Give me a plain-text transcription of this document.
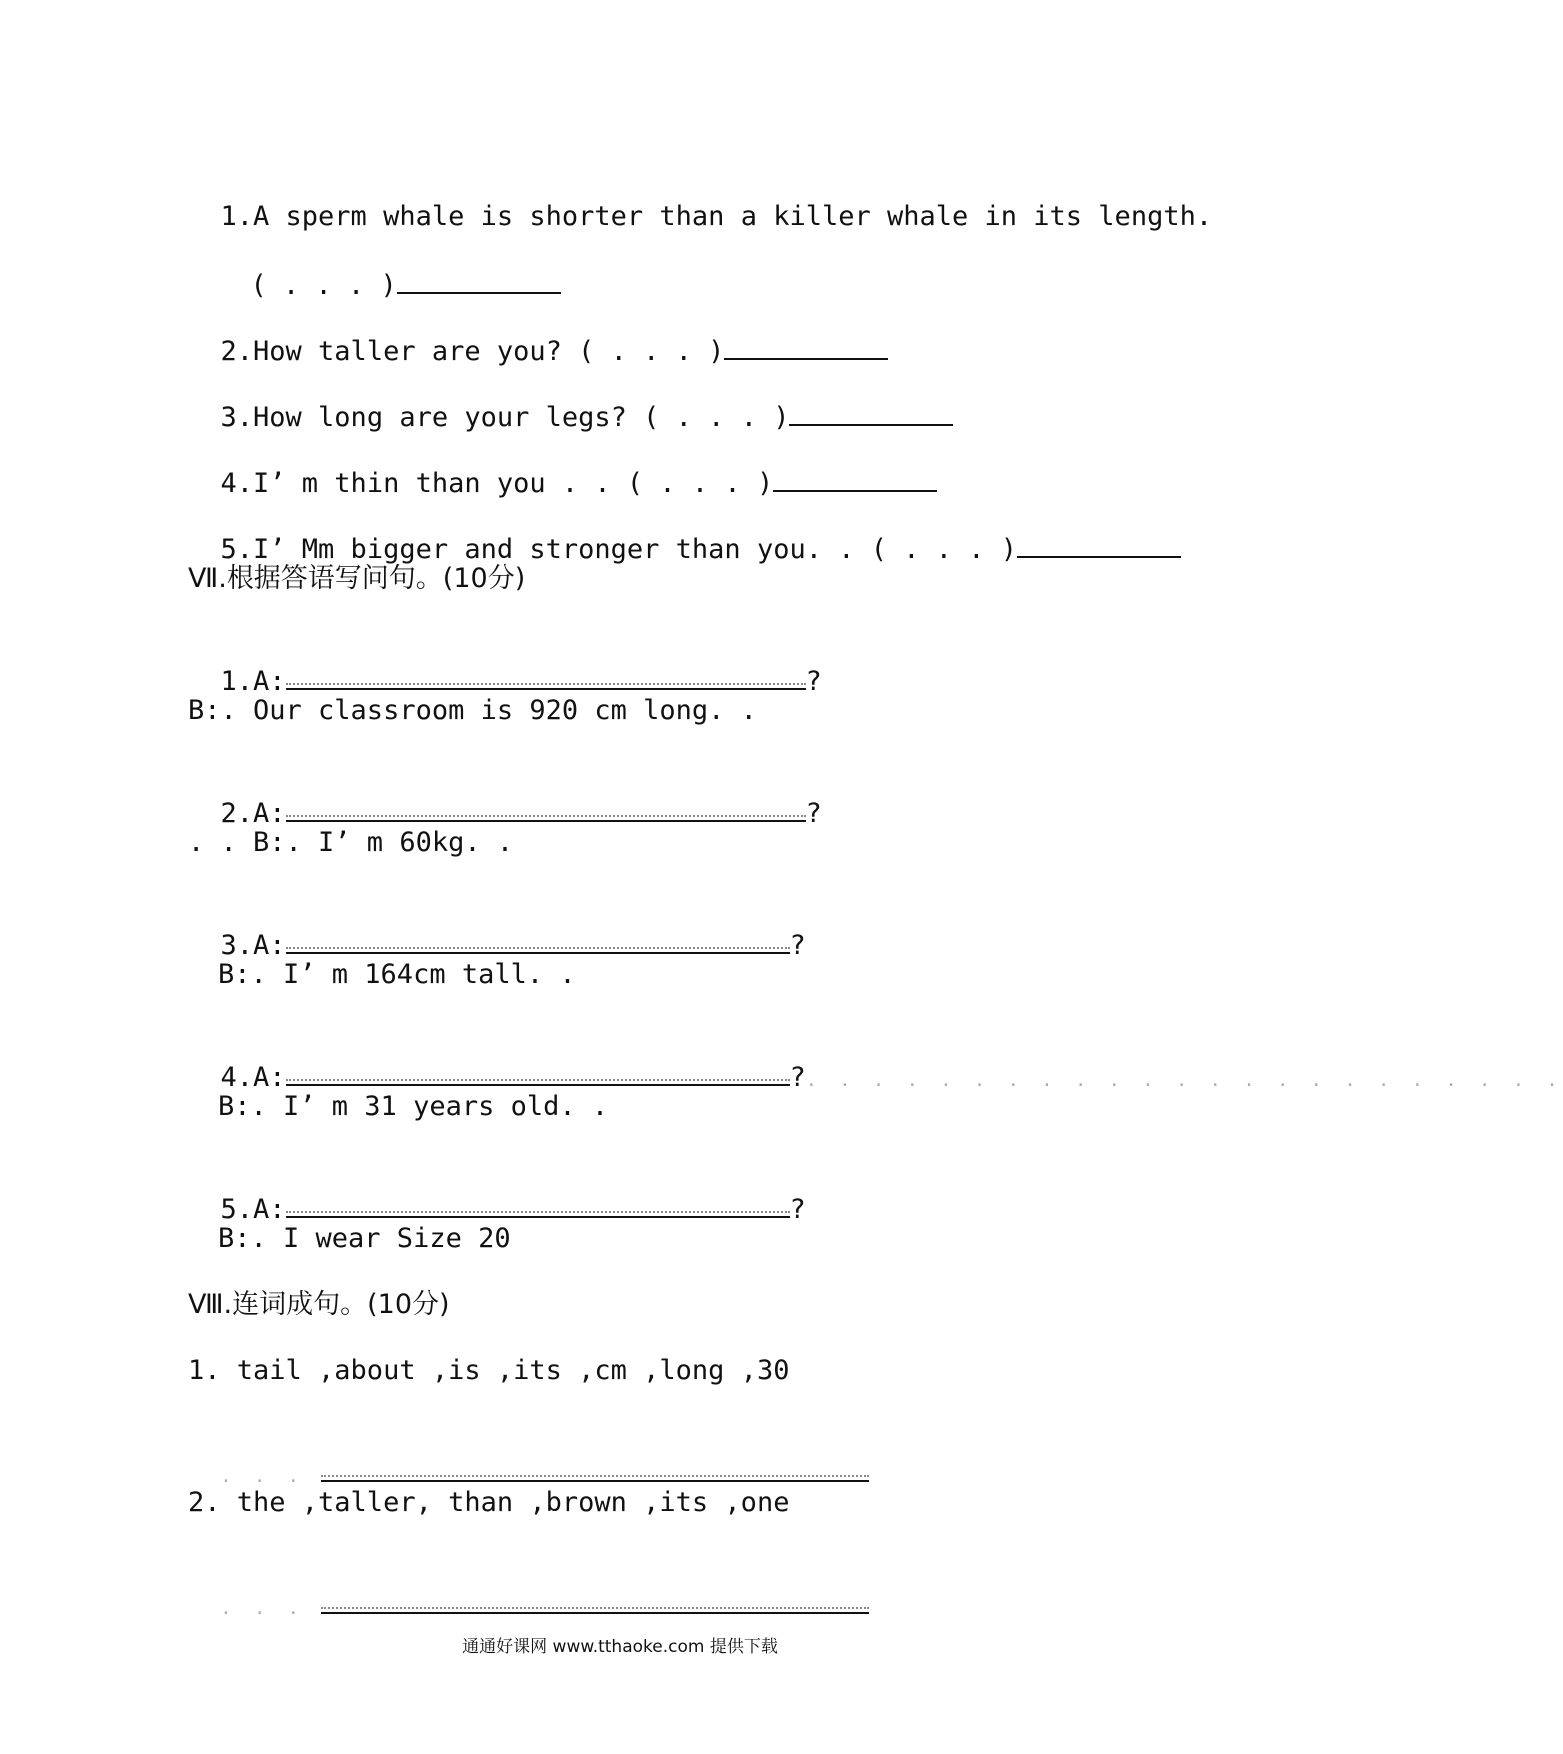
1.A sperm whale is shorter than a killer whale in its length.

( . . . )

2.How taller are you? ( . . . )

3.How long are your legs? ( . . . )

4.I’ m thin than you . . ( . . . )

5.I’ Mm bigger and stronger than you. . ( . . . )

Ⅶ.根据答语写问句。(10分)

1.A:	?

B:. Our classroom is 920 cm long. .

2.A:	?

. . B:. I’ m 60kg. .

3.A:	?

B:. I’ m 164cm tall. .

4.A:	?. . . . . . . . . . . . . . . . . . . . . . .

B:. I’ m 31 years old. .

5.A:	?

B:. I wear Size 20
Ⅷ.连词成句。(10分)
1. tail ,about ,is ,its ,cm ,long ,30

. . .

2. the ,taller, than ,brown ,its ,one

. . .

通通好课网 www.tthaoke.com 提供下载
